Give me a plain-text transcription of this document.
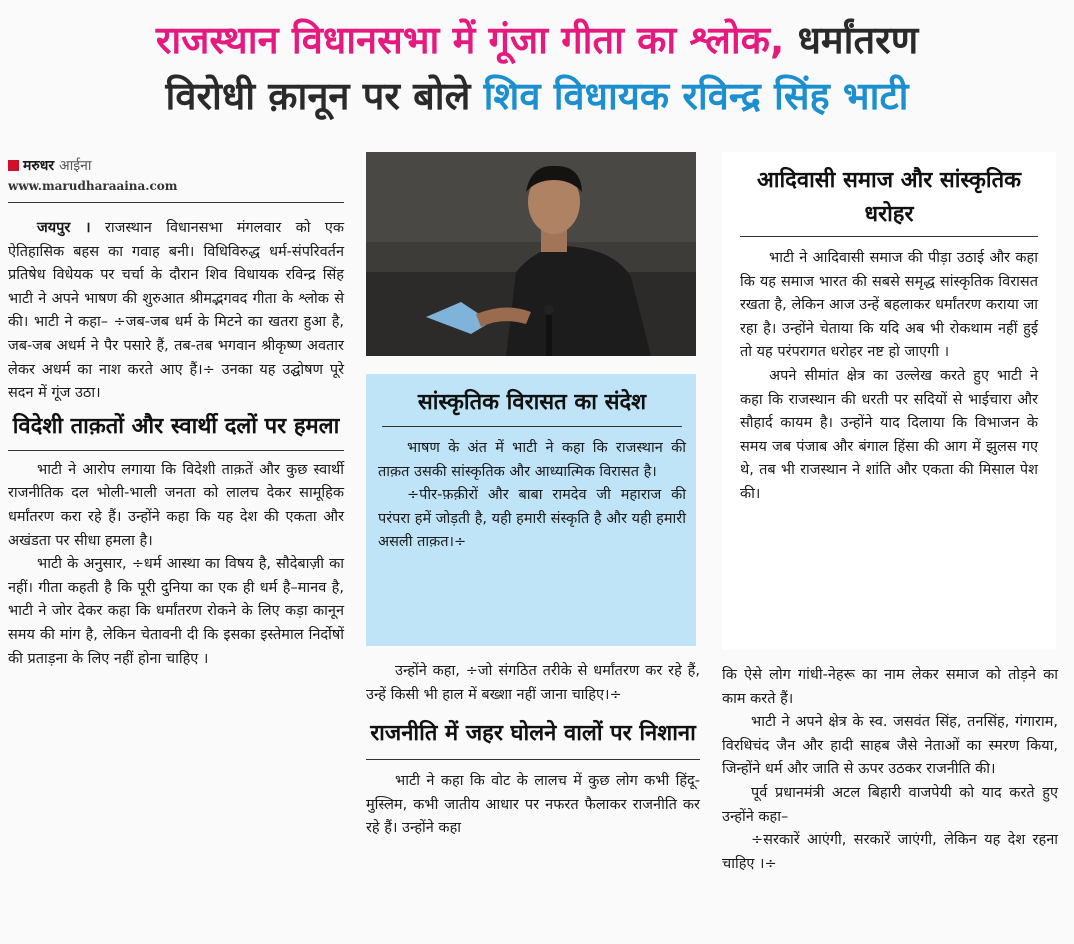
राजस्थान विधानसभा में गूंजा गीता का श्लोक, धर्मांतरण
विरोधी क़ानून पर बोले शिव विधायक रविन्द्र सिंह भाटी
मरुधर आईना
www.marudharaaina.com

जयपुर । राजस्थान विधानसभा मंगलवार को एक ऐतिहासिक बहस का गवाह बनी। विधिविरुद्ध धर्म-संपरिवर्तन प्रतिषेध विधेयक पर चर्चा के दौरान शिव विधायक रविन्द्र सिंह भाटी ने अपने भाषण की शुरुआत श्रीमद्भगवद गीता के श्लोक से की। भाटी ने कहा– ÷जब-जब धर्म के मिटने का खतरा हुआ है, जब-जब अधर्म ने पैर पसारे हैं, तब-तब भगवान श्रीकृष्ण अवतार लेकर अधर्म का नाश करते आए हैं।÷ उनका यह उद्घोषण पूरे सदन में गूंज उठा।

विदेशी ताक़तों और स्वार्थी दलों पर हमला

भाटी ने आरोप लगाया कि विदेशी ताक़तें और कुछ स्वार्थी राजनीतिक दल भोली-भाली जनता को लालच देकर सामूहिक धर्मांतरण करा रहे हैं। उन्होंने कहा कि यह देश की एकता और अखंडता पर सीधा हमला है।

भाटी के अनुसार, ÷धर्म आस्था का विषय है, सौदेबाज़ी का नहीं। गीता कहती है कि पूरी दुनिया का एक ही धर्म है–मानव है, भाटी ने जोर देकर कहा कि धर्मांतरण रोकने के लिए कड़ा कानून समय की मांग है, लेकिन चेतावनी दी कि इसका इस्तेमाल निर्दोषों की प्रताड़ना के लिए नहीं होना चाहिए ।

सांस्कृतिक विरासत का संदेश

भाषण के अंत में भाटी ने कहा कि राजस्थान की ताक़त उसकी सांस्कृतिक और आध्यात्मिक विरासत है।

÷पीर-फ़क़ीरों और बाबा रामदेव जी महाराज की परंपरा हमें जोड़ती है, यही हमारी संस्कृति है और यही हमारी असली ताक़त।÷

उन्होंने कहा, ÷जो संगठित तरीके से धर्मांतरण कर रहे हैं, उन्हें किसी भी हाल में बख्शा नहीं जाना चाहिए।÷

राजनीति में जहर घोलने वालों पर निशाना

भाटी ने कहा कि वोट के लालच में कुछ लोग कभी हिंदू-मुस्लिम, कभी जातीय आधार पर नफरत फैलाकर राजनीति कर रहे हैं। उन्होंने कहा

आदिवासी समाज और सांस्कृतिक धरोहर

भाटी ने आदिवासी समाज की पीड़ा उठाई और कहा कि यह समाज भारत की सबसे समृद्ध सांस्कृतिक विरासत रखता है, लेकिन आज उन्हें बहलाकर धर्मांतरण कराया जा रहा है। उन्होंने चेताया कि यदि अब भी रोकथाम नहीं हुई तो यह परंपरागत धरोहर नष्ट हो जाएगी ।

अपने सीमांत क्षेत्र का उल्लेख करते हुए भाटी ने कहा कि राजस्थान की धरती पर सदियों से भाईचारा और सौहार्द कायम है। उन्होंने याद दिलाया कि विभाजन के समय जब पंजाब और बंगाल हिंसा की आग में झुलस गए थे, तब भी राजस्थान ने शांति और एकता की मिसाल पेश की।

कि ऐसे लोग गांधी-नेहरू का नाम लेकर समाज को तोड़ने का काम करते हैं।

भाटी ने अपने क्षेत्र के स्व. जसवंत सिंह, तनसिंह, गंगाराम, विरधिचंद जैन और हादी साहब जैसे नेताओं का स्मरण किया, जिन्होंने धर्म और जाति से ऊपर उठकर राजनीति की।

पूर्व प्रधानमंत्री अटल बिहारी वाजपेयी को याद करते हुए उन्होंने कहा–

÷सरकारें आएंगी, सरकारें जाएंगी, लेकिन यह देश रहना चाहिए ।÷
